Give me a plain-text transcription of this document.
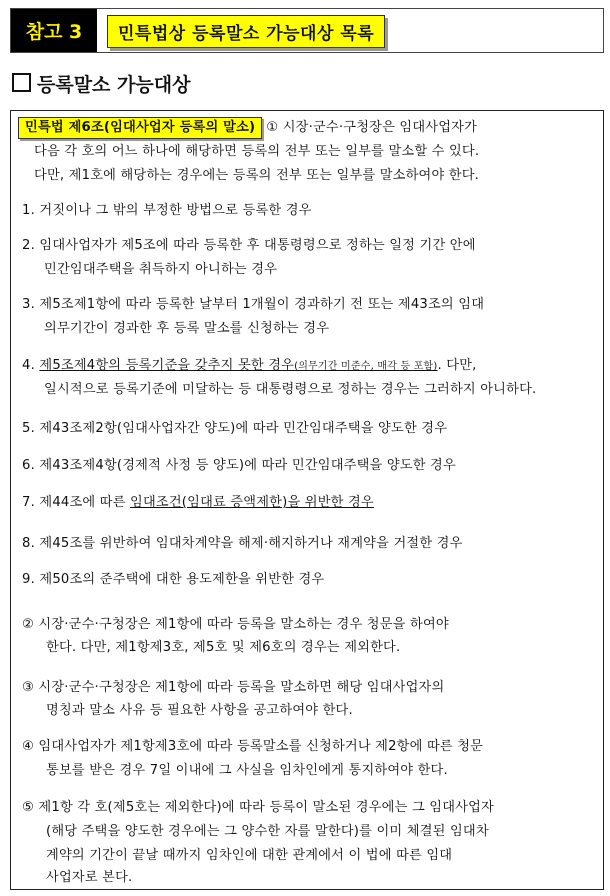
참고 3	민특법상 등록말소 가능대상 목록
등록말소 가능대상
민특법 제6조(임대사업자 등록의 말소) ① 시장·군수·구청장은 임대사업자가
다음 각 호의 어느 하나에 해당하면 등록의 전부 또는 일부를 말소할 수 있다.
다만, 제1호에 해당하는 경우에는 등록의 전부 또는 일부를 말소하여야 한다.
1. 거짓이나 그 밖의 부정한 방법으로 등록한 경우
2. 임대사업자가 제5조에 따라 등록한 후 대통령령으로 정하는 일정 기간 안에
민간임대주택을 취득하지 아니하는 경우
3. 제5조제1항에 따라 등록한 날부터 1개월이 경과하기 전 또는 제43조의 임대
의무기간이 경과한 후 등록 말소를 신청하는 경우
4. 제5조제4항의 등록기준을 갖추지 못한 경우(의무기간 미준수, 매각 등 포함). 다만,
일시적으로 등록기준에 미달하는 등 대통령령으로 정하는 경우는 그러하지 아니하다.
5. 제43조제2항(임대사업자간 양도)에 따라 민간임대주택을 양도한 경우
6. 제43조제4항(경제적 사정 등 양도)에 따라 민간임대주택을 양도한 경우
7. 제44조에 따른 임대조건(임대료 증액제한)을 위반한 경우
8. 제45조를 위반하여 임대차계약을 해제·해지하거나 재계약을 거절한 경우
9. 제50조의 준주택에 대한 용도제한을 위반한 경우
② 시장·군수·구청장은 제1항에 따라 등록을 말소하는 경우 청문을 하여야
한다. 다만, 제1항제3호, 제5호 및 제6호의 경우는 제외한다.
③ 시장·군수·구청장은 제1항에 따라 등록을 말소하면 해당 임대사업자의
명칭과 말소 사유 등 필요한 사항을 공고하여야 한다.
④ 임대사업자가 제1항제3호에 따라 등록말소를 신청하거나 제2항에 따른 청문
통보를 받은 경우 7일 이내에 그 사실을 임차인에게 통지하여야 한다.
⑤ 제1항 각 호(제5호는 제외한다)에 따라 등록이 말소된 경우에는 그 임대사업자
(해당 주택을 양도한 경우에는 그 양수한 자를 말한다)를 이미 체결된 임대차
계약의 기간이 끝날 때까지 임차인에 대한 관계에서 이 법에 따른 임대
사업자로 본다.
